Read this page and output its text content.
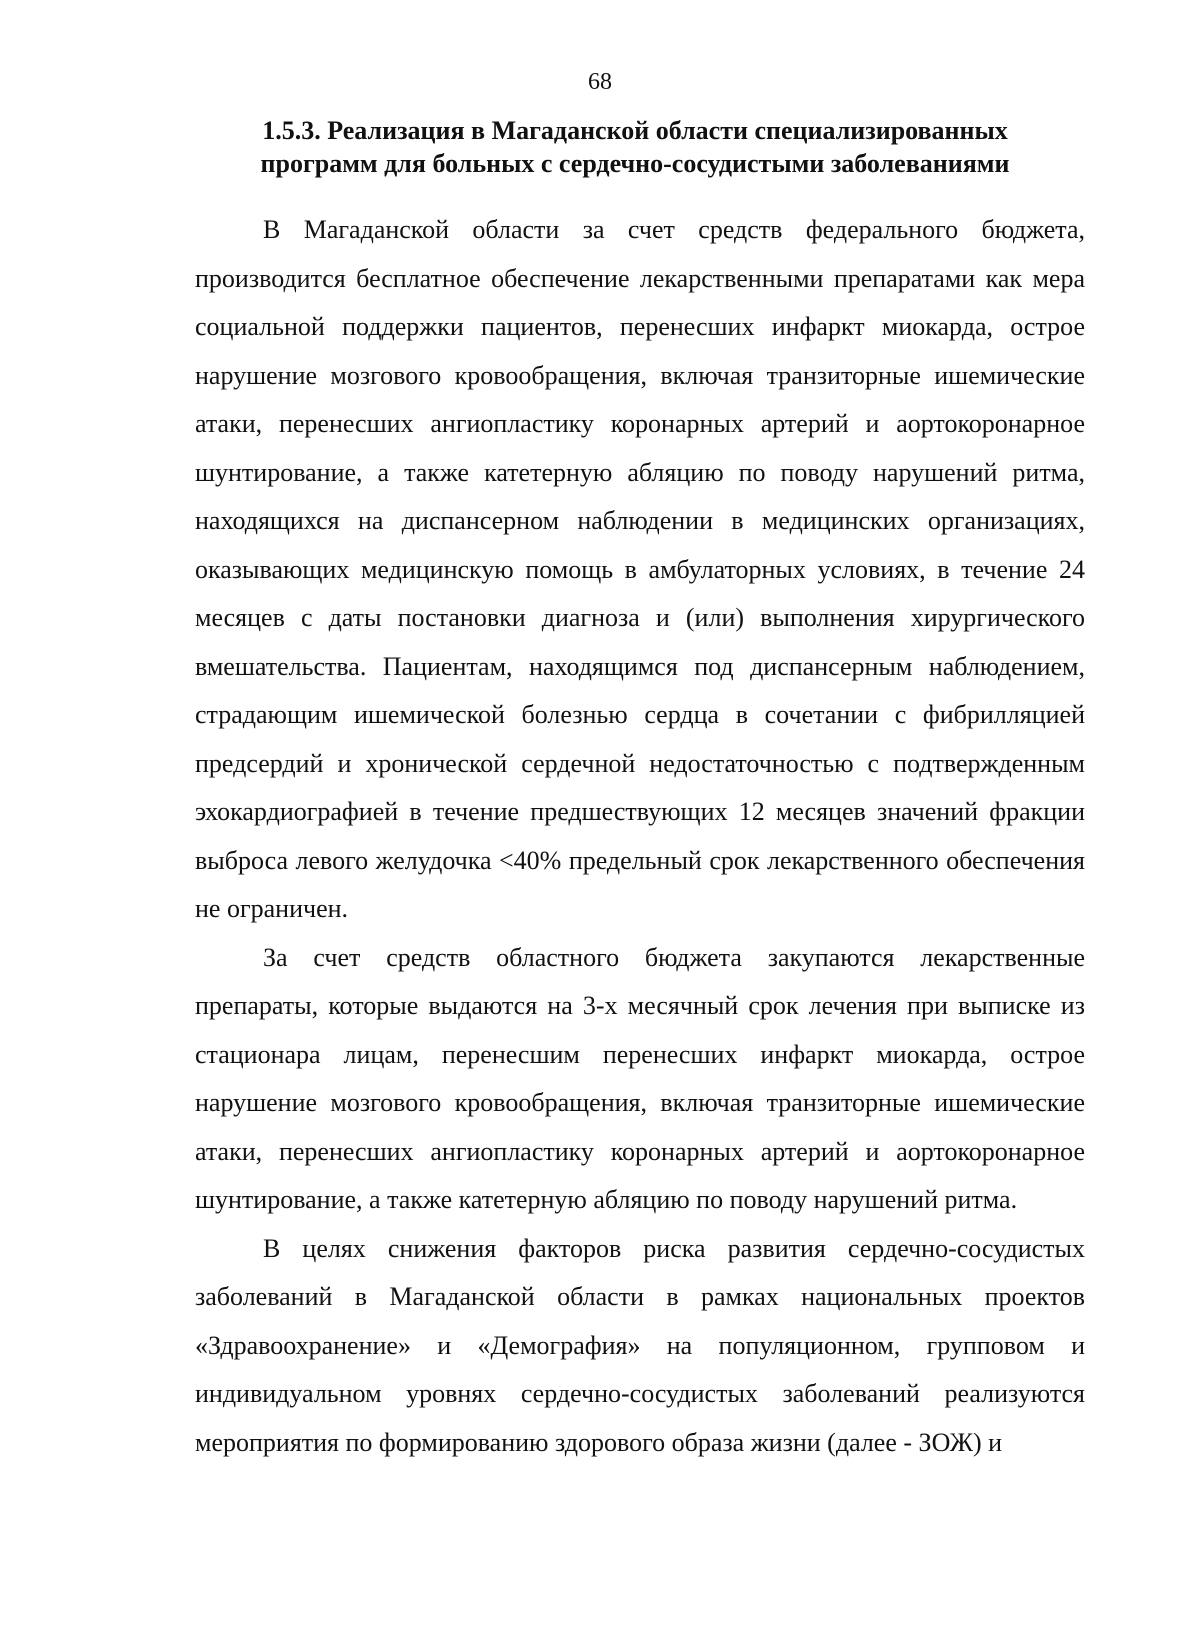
68
1.5.3. Реализация в Магаданской области специализированных
программ для больных с сердечно-сосудистыми заболеваниями

В Магаданской области за счет средств федерального бюджета, производится бесплатное обеспечение лекарственными препаратами как мера социальной поддержки пациентов, перенесших инфаркт миокарда, острое нарушение мозгового кровообращения, включая транзиторные ишемические атаки, перенесших ангиопластику коронарных артерий и аортокоронарное шунтирование, а также катетерную абляцию по поводу нарушений ритма, находящихся на диспансерном наблюдении в медицинских организациях, оказывающих медицинскую помощь в амбулаторных условиях, в течение 24 месяцев с даты постановки диагноза и (или) выполнения хирургического вмешательства. Пациентам, находящимся под диспансерным наблюдением, страдающим ишемической болезнью сердца в сочетании с фибрилляцией предсердий и хронической сердечной недостаточностью с подтвержденным эхокардиографией в течение предшествующих 12 месяцев значений фракции выброса левого желудочка <40% предельный срок лекарственного обеспечения не ограничен.

За счет средств областного бюджета закупаются лекарственные препараты, которые выдаются на 3-х месячный срок лечения при выписке из стационара лицам, перенесшим перенесших инфаркт миокарда, острое нарушение мозгового кровообращения, включая транзиторные ишемические атаки, перенесших ангиопластику коронарных артерий и аортокоронарное шунтирование, а также катетерную абляцию по поводу нарушений ритма.

В целях снижения факторов риска развития сердечно-сосудистых заболеваний в Магаданской области в рамках национальных проектов «Здравоохранение» и «Демография» на популяционном, групповом и индивидуальном уровнях сердечно-сосудистых заболеваний реализуются мероприятия по формированию здорового образа жизни (далее - ЗОЖ) и
